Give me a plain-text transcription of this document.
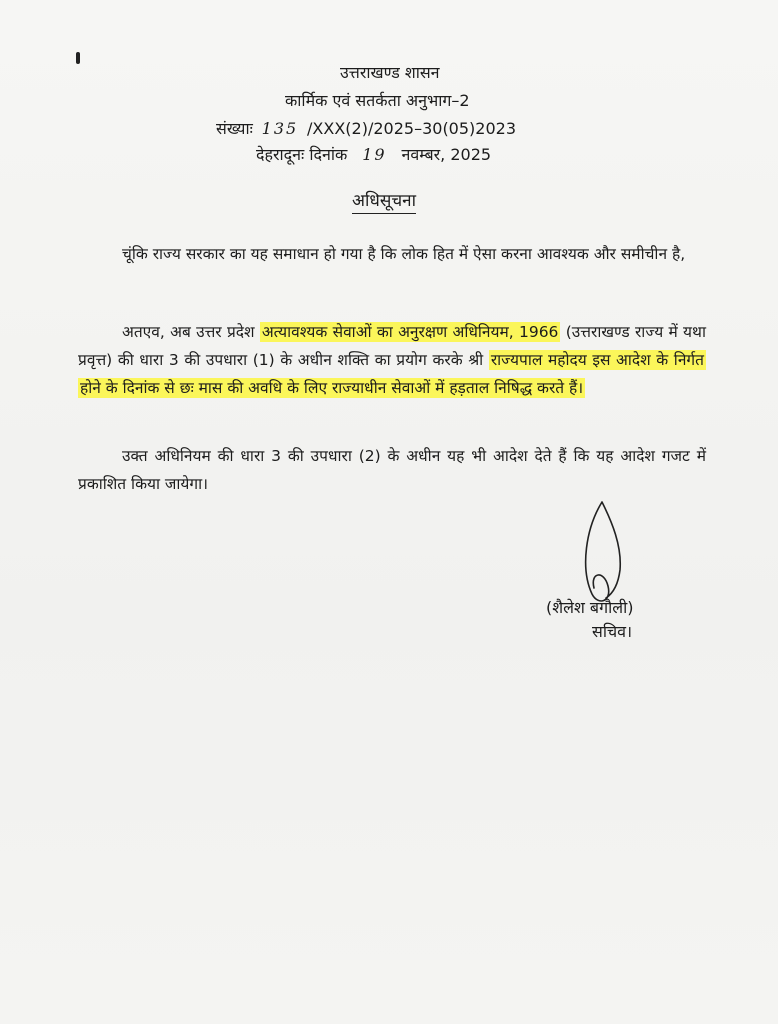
उत्तराखण्ड शासन
कार्मिक एवं सतर्कता अनुभाग–2
संख्याः 135 /XXX(2)/2025–30(05)2023
देहरादूनः दिनांक 19 नवम्बर, 2025
अधिसूचना
चूंकि राज्य सरकार का यह समाधान हो गया है कि लोक हित में ऐसा करना आवश्यक और समीचीन है,
अतएव, अब उत्तर प्रदेश अत्यावश्यक सेवाओं का अनुरक्षण अधिनियम, 1966 (उत्तराखण्ड राज्य में यथा प्रवृत्त) की धारा 3 की उपधारा (1) के अधीन शक्ति का प्रयोग करके श्री राज्यपाल महोदय इस आदेश के निर्गत होने के दिनांक से छः मास की अवधि के लिए राज्याधीन सेवाओं में हड़ताल निषिद्ध करते हैं।
उक्त अधिनियम की धारा 3 की उपधारा (2) के अधीन यह भी आदेश देते हैं कि यह आदेश गजट में प्रकाशित किया जायेगा।
(शैलेश बगौली)
सचिव।
